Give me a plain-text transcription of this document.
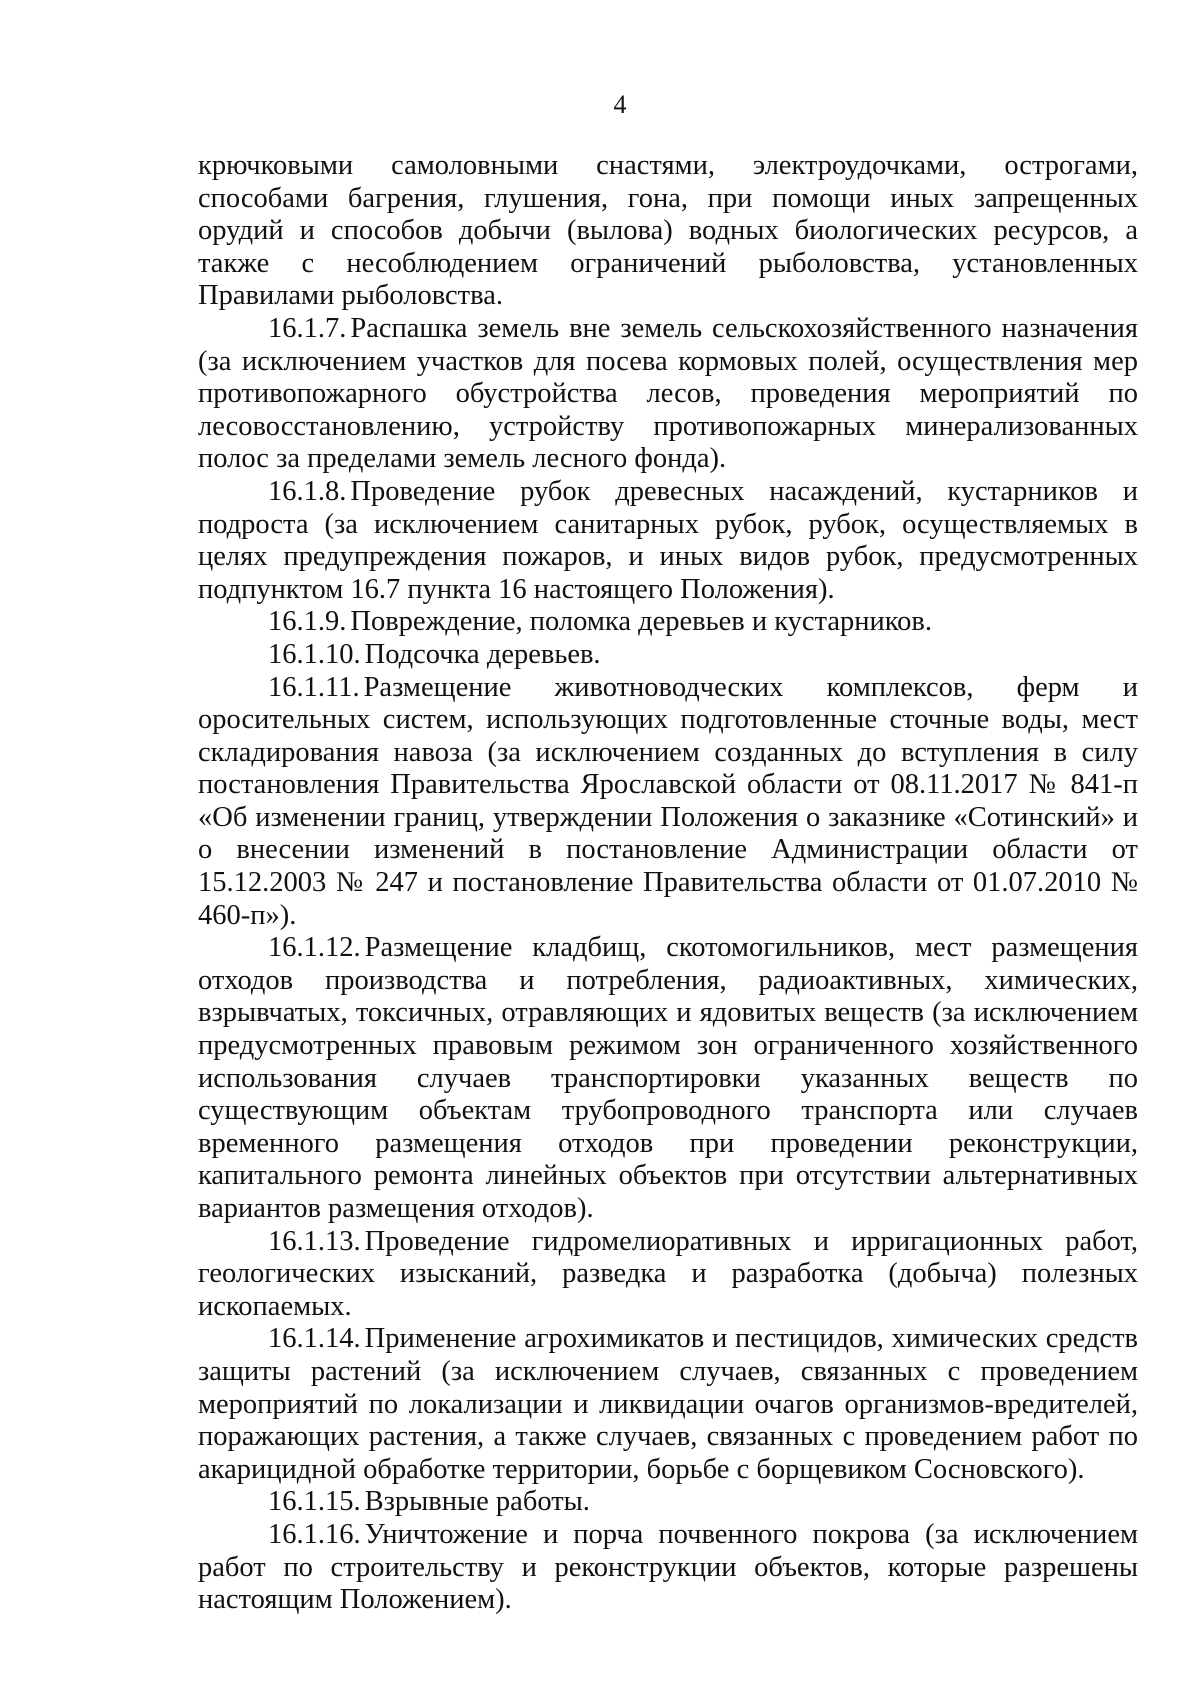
4

крючковыми самоловными снастями, электроудочками, острогами, способами багрения, глушения, гона, при помощи иных запрещенных орудий и способов добычи (вылова) водных биологических ресурсов, а также с несоблюдением ограничений рыболовства, установленных Правилами рыболовства.

16.1.7. Распашка земель вне земель сельскохозяйственного назначения (за исключением участков для посева кормовых полей, осуществления мер противопожарного обустройства лесов, проведения мероприятий по лесовосстановлению, устройству противопожарных минерализованных полос за пределами земель лесного фонда).

16.1.8. Проведение рубок древесных насаждений, кустарников и подроста (за исключением санитарных рубок, рубок, осуществляемых в целях предупреждения пожаров, и иных видов рубок, предусмотренных подпунктом 16.7 пункта 16 настоящего Положения).

16.1.9. Повреждение, поломка деревьев и кустарников.

16.1.10. Подсочка деревьев.

16.1.11. Размещение животноводческих комплексов, ферм и оросительных систем, использующих подготовленные сточные воды, мест складирования навоза (за исключением созданных до вступления в силу постановления Правительства Ярославской области от 08.11.2017 № 841-п «Об изменении границ, утверждении Положения о заказнике «Сотинский» и о внесении изменений в постановление Администрации области от 15.12.2003 № 247 и постановление Правительства области от 01.07.2010 № 460-п»).

16.1.12. Размещение кладбищ, скотомогильников, мест размещения отходов производства и потребления, радиоактивных, химических, взрывчатых, токсичных, отравляющих и ядовитых веществ (за исключением предусмотренных правовым режимом зон ограниченного хозяйственного использования случаев транспортировки указанных веществ по существующим объектам трубопроводного транспорта или случаев временного размещения отходов при проведении реконструкции, капитального ремонта линейных объектов при отсутствии альтернативных вариантов размещения отходов).

16.1.13. Проведение гидромелиоративных и ирригационных работ, геологических изысканий, разведка и разработка (добыча) полезных ископаемых.

16.1.14. Применение агрохимикатов и пестицидов, химических средств защиты растений (за исключением случаев, связанных с проведением мероприятий по локализации и ликвидации очагов организмов-вредителей, поражающих растения, а также случаев, связанных с проведением работ по акарицидной обработке территории, борьбе с борщевиком Сосновского).

16.1.15. Взрывные работы.

16.1.16. Уничтожение и порча почвенного покрова (за исключением работ по строительству и реконструкции объектов, которые разрешены настоящим Положением).
